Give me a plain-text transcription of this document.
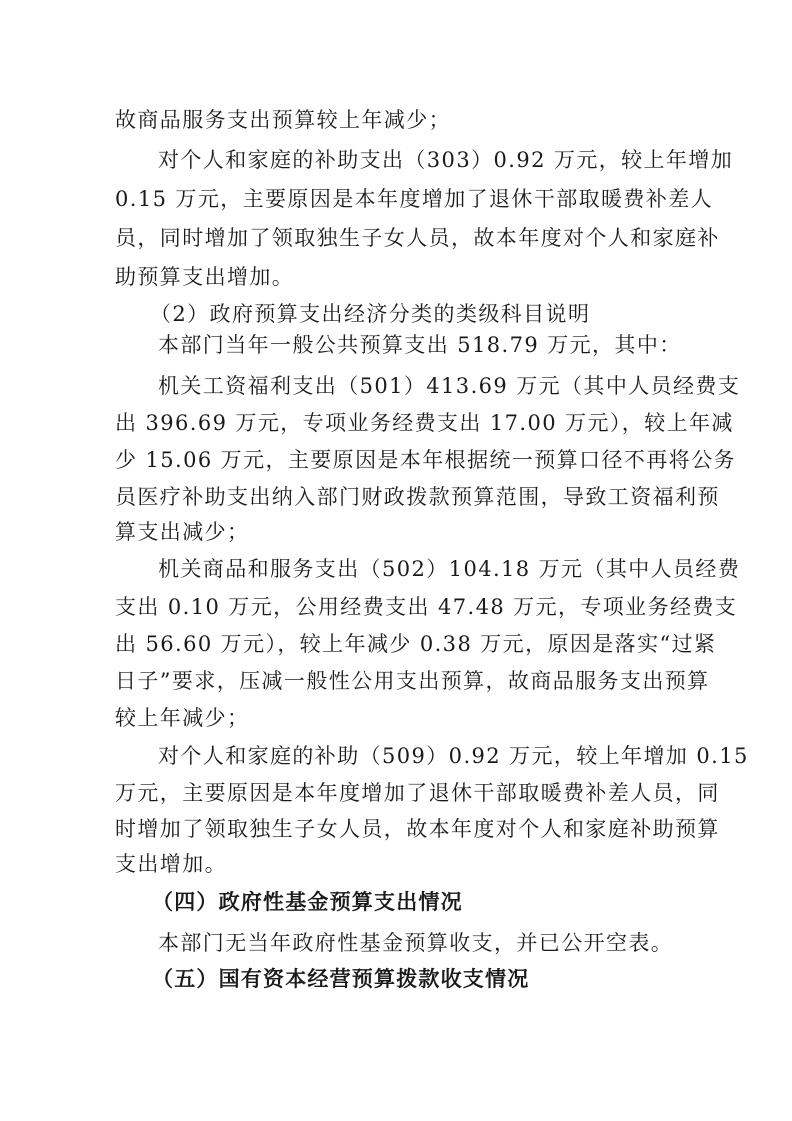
故商品服务支出预算较上年减少；
对个人和家庭的补助支出（303）0.92 万元，较上年增加
0.15 万元，主要原因是本年度增加了退休干部取暖费补差人
员，同时增加了领取独生子女人员，故本年度对个人和家庭补
助预算支出增加。
（2）政府预算支出经济分类的类级科目说明
本部门当年一般公共预算支出 518.79 万元，其中：
机关工资福利支出（501）413.69 万元（其中人员经费支
出 396.69 万元，专项业务经费支出 17.00 万元），较上年减
少 15.06 万元，主要原因是本年根据统一预算口径不再将公务
员医疗补助支出纳入部门财政拨款预算范围，导致工资福利预
算支出减少；
机关商品和服务支出（502）104.18 万元（其中人员经费
支出 0.10 万元，公用经费支出 47.48 万元，专项业务经费支
出 56.60 万元），较上年减少 0.38 万元，原因是落实“过紧
日子”要求，压减一般性公用支出预算，故商品服务支出预算
较上年减少；
对个人和家庭的补助（509）0.92 万元，较上年增加 0.15
万元，主要原因是本年度增加了退休干部取暖费补差人员，同
时增加了领取独生子女人员，故本年度对个人和家庭补助预算
支出增加。
（四）政府性基金预算支出情况
本部门无当年政府性基金预算收支，并已公开空表。
（五）国有资本经营预算拨款收支情况
